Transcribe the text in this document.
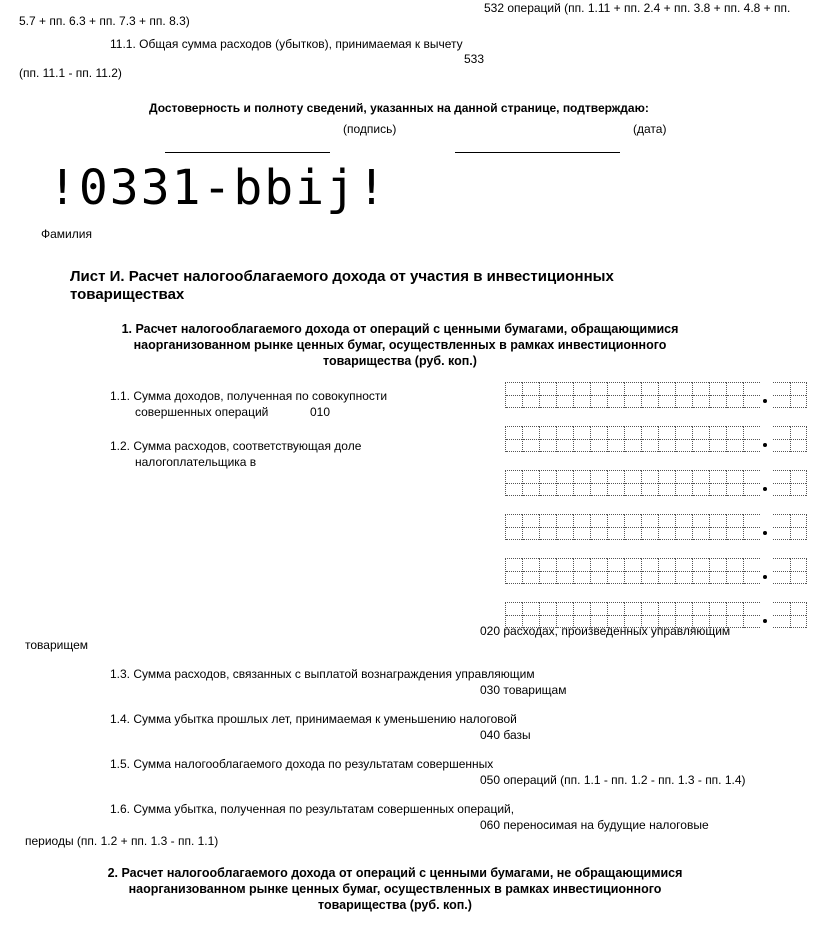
532 операций (пп. 1.11 + пп. 2.4 + пп. 3.8 + пп. 4.8 + пп.
5.7 + пп. 6.3 + пп. 7.3 + пп. 8.3)
11.1. Общая сумма расходов (убытков), принимаемая к вычету
533
(пп. 11.1 - пп. 11.2)
Достоверность и полноту сведений, указанных на данной странице, подтверждаю:
(подпись)	(дата)
!0331-bbij!
Фамилия
Лист И. Расчет налогооблагаемого дохода от участия в инвестиционных
товариществах
1. Расчет налогооблагаемого дохода от операций с ценными бумагами, обращающимися
наорганизованном рынке ценных бумаг, осуществленных в рамках инвестиционного
товарищества (руб. коп.)
1.1. Сумма доходов, полученная по совокупности
совершенных операций	010
1.2. Сумма расходов, соответствующая доле
налогоплательщика в
020 расходах, произведенных управляющим
товарищем
1.3. Сумма расходов, связанных с выплатой вознаграждения управляющим
030 товарищам
1.4. Сумма убытка прошлых лет, принимаемая к уменьшению налоговой
040 базы
1.5. Сумма налогооблагаемого дохода по результатам совершенных
050 операций (пп. 1.1 - пп. 1.2 - пп. 1.3 - пп. 1.4)
1.6. Сумма убытка, полученная по результатам совершенных операций,
060 переносимая на будущие налоговые
периоды (пп. 1.2 + пп. 1.3 - пп. 1.1)
2. Расчет налогооблагаемого дохода от операций с ценными бумагами, не обращающимися
наорганизованном рынке ценных бумаг, осуществленных в рамках инвестиционного
товарищества (руб. коп.)
